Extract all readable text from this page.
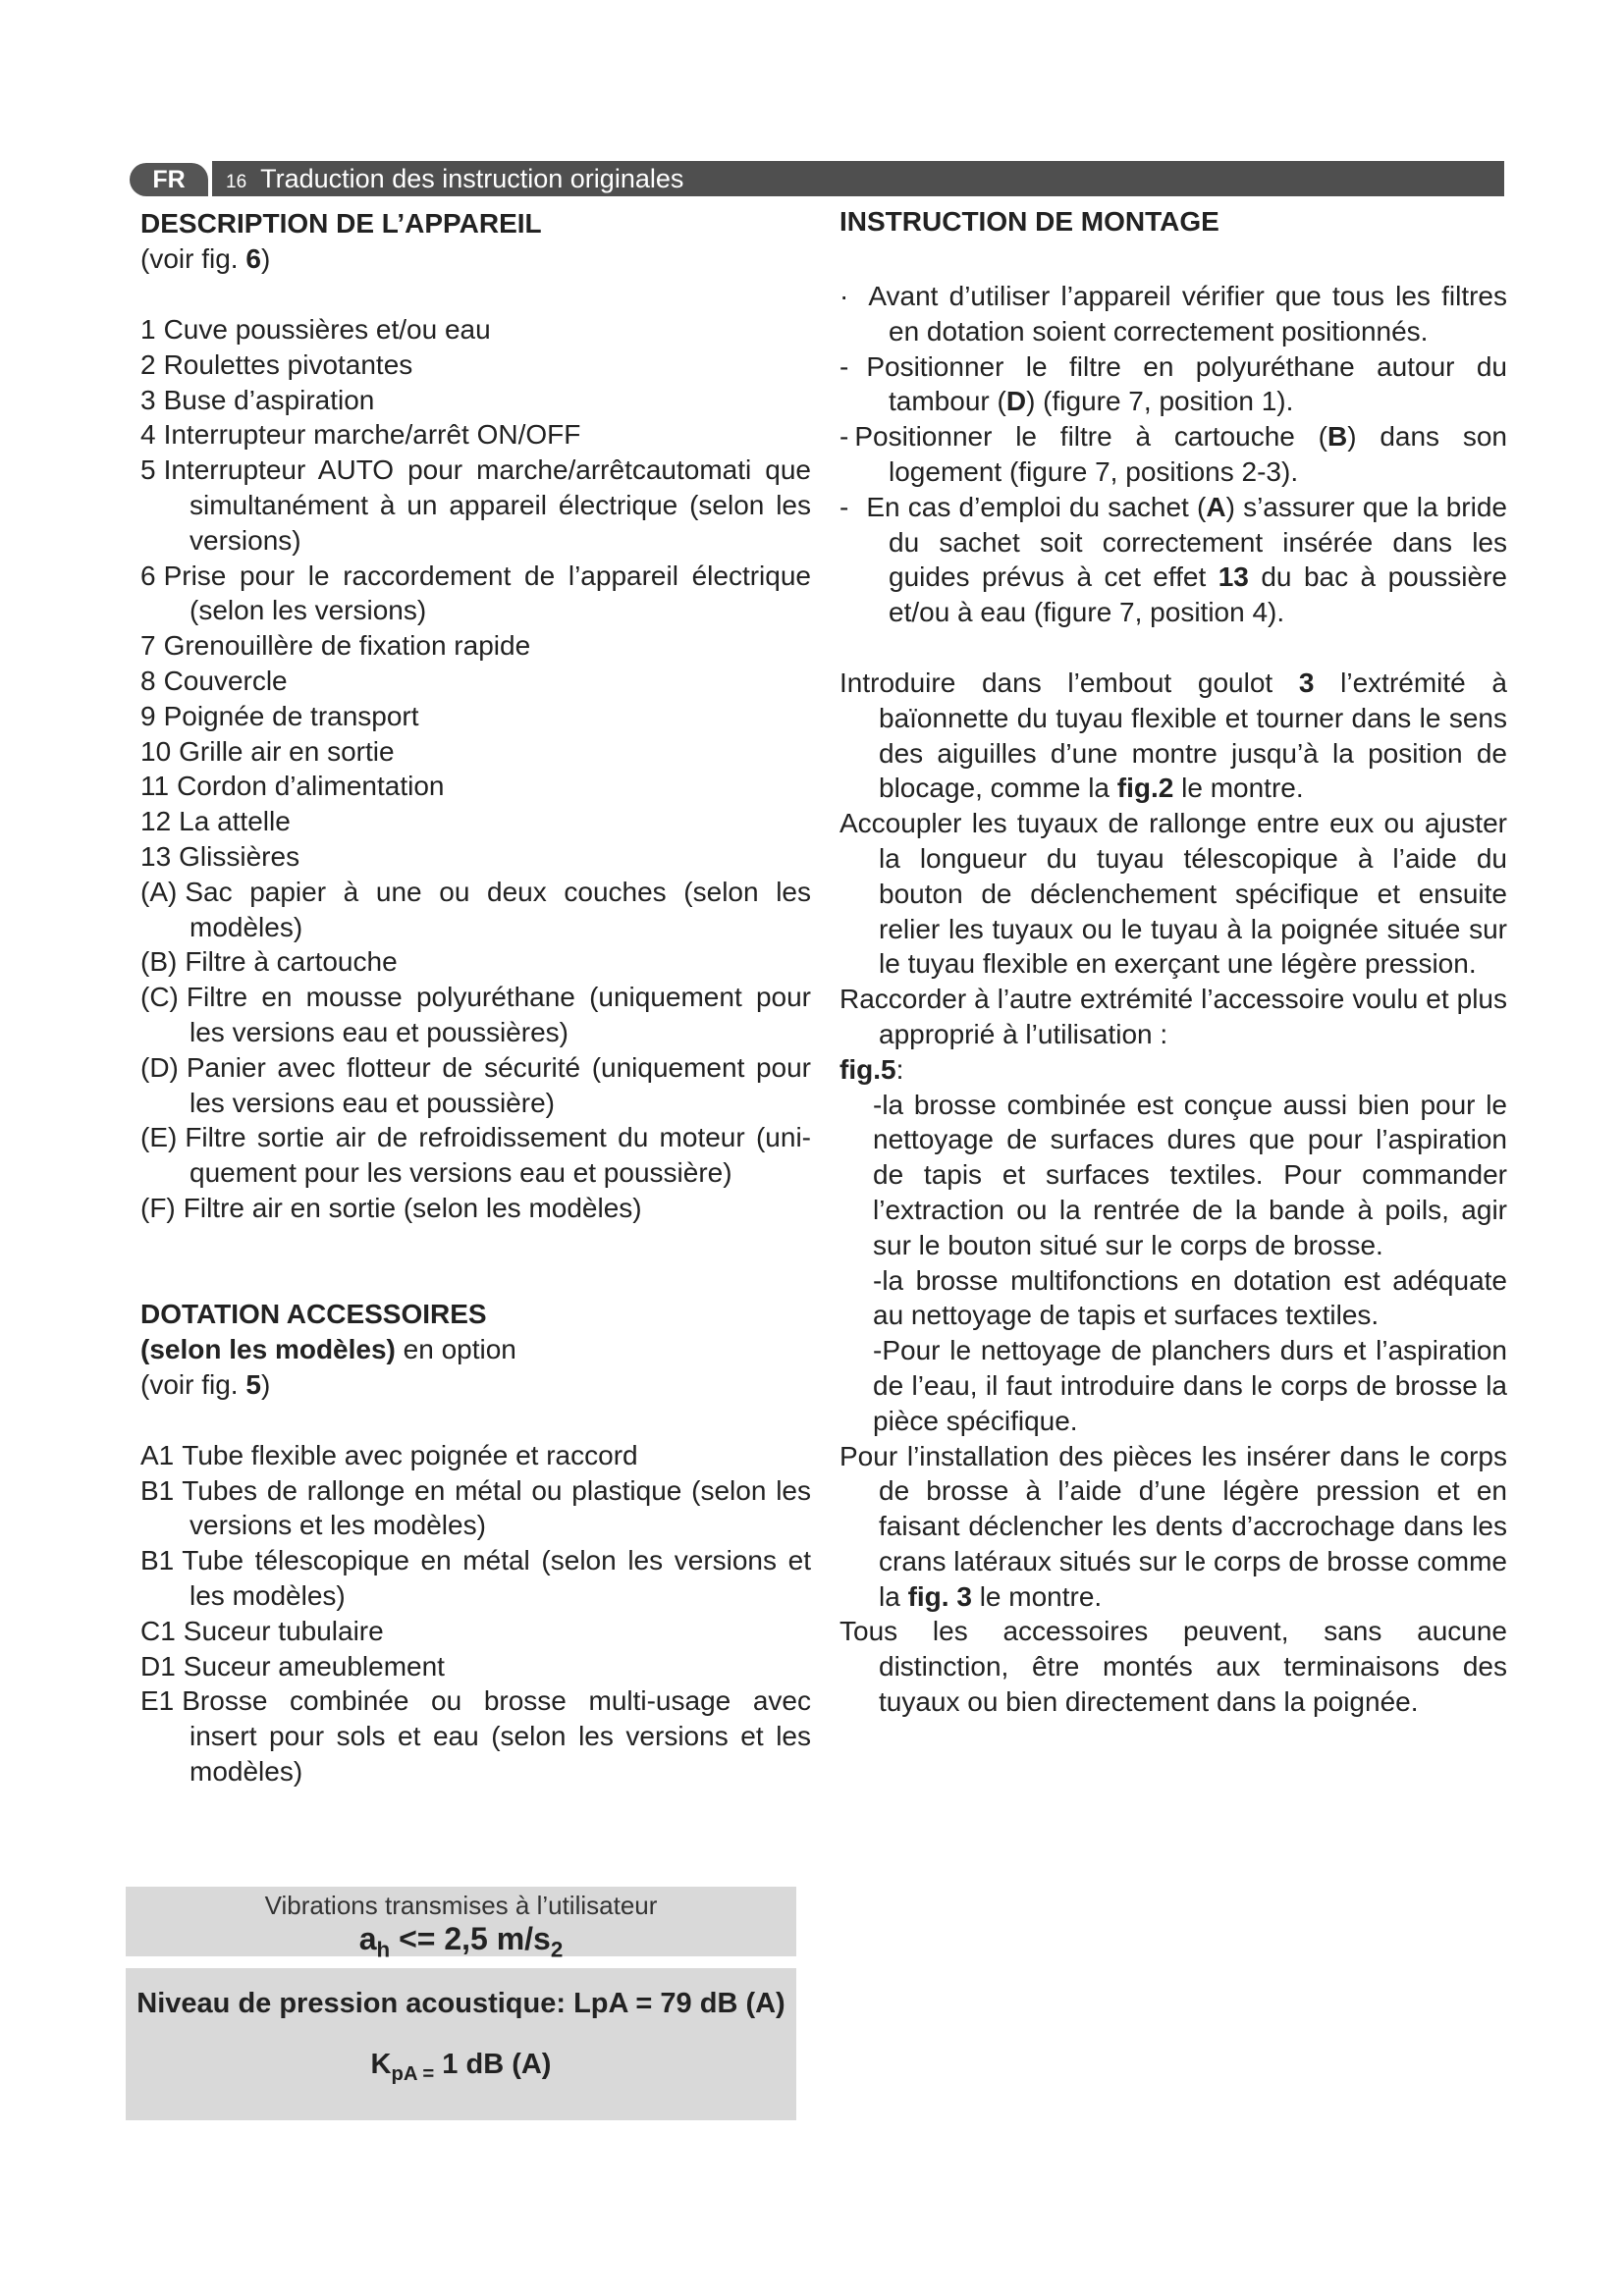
FR	16 Traduction des instruction originales
DESCRIPTION DE L’APPAREIL
(voir fig. 6)
1 Cuve poussières et/ou eau
2 Roulettes pivotantes
3 Buse d’aspiration
4 Interrupteur marche/arrêt ON/OFF
5 Interrupteur AUTO pour marche/arrêtcautomati que simultanément à un appareil électrique (selon les versions)
6 Prise pour le raccordement de l’appareil électrique (selon les versions)
7 Grenouillère de fixation rapide
8 Couvercle
9 Poignée de transport
10 Grille air en sortie
11 Cordon d’alimentation
12 La attelle
13 Glissières
(A) Sac papier à une ou deux couches (selon les modèles)
(B) Filtre à cartouche
(C) Filtre en mousse polyuréthane (uniquement pour les versions eau et poussières)
(D) Panier avec flotteur de sécurité (uniquement pour les versions eau et poussière)
(E) Filtre sortie air de refroidissement du moteur (uni-quement pour les versions eau et poussière)
(F) Filtre air en sortie (selon les modèles)
DOTATION ACCESSOIRES
(selon les modèles) en option
(voir fig. 5)
A1 Tube flexible avec poignée et raccord
B1 Tubes de rallonge en métal ou plastique (selon les versions et les modèles)
B1 Tube télescopique en métal (selon les versions et les modèles)
C1 Suceur tubulaire
D1 Suceur ameublement
E1 Brosse combinée ou brosse multi-usage avec insert pour sols et eau (selon les versions et les modèles)
Vibrations transmises à l’utilisateur
$a_h <= 2,5$ $m/s_2$
Niveau de pression acoustique: LpA = 79 dB (A)
$K_{pA =}$ 1 dB (A)
INSTRUCTION DE MONTAGE
· Avant d’utiliser l’appareil vérifier que tous les filtres en dotation soient correctement positionnés.
- Positionner le filtre en polyuréthane autour du tambour (D) (figure 7, position 1).
- Positionner le filtre à cartouche (B) dans son logement (figure 7, positions 2-3).
- En cas d’emploi du sachet (A) s’assurer que la bride du sachet soit correctement insérée dans les guides prévus à cet effet 13 du bac à poussière et/ou à eau (figure 7, position 4).

Introduire dans l’embout goulot 3 l’extrémité à baïonnette du tuyau flexible et tourner dans le sens des aiguilles d’une montre jusqu’à la position de blocage, comme la fig.2 le montre.

Accoupler les tuyaux de rallonge entre eux ou ajuster la longueur du tuyau télescopique à l’aide du bouton de déclenchement spécifique et ensuite relier les tuyaux ou le tuyau à la poignée située sur le tuyau flexible en exerçant une légère pression.

Raccorder à l’autre extrémité l’accessoire voulu et plus approprié à l’utilisation :

fig.5:

-la brosse combinée est conçue aussi bien pour le nettoyage de surfaces dures que pour l’aspiration de tapis et surfaces textiles. Pour commander l’extraction ou la rentrée de la bande à poils, agir sur le bouton situé sur le corps de brosse.

-la brosse multifonctions en dotation est adéquate au nettoyage de tapis et surfaces textiles.

-Pour le nettoyage de planchers durs et l’aspiration de l’eau, il faut introduire dans le corps de brosse la pièce spécifique.

Pour l’installation des pièces les insérer dans le corps de brosse à l’aide d’une légère pression et en faisant déclencher les dents d’accrochage dans les crans latéraux situés sur le corps de brosse comme la fig. 3 le montre.

Tous les accessoires peuvent, sans aucune distinction, être montés aux terminaisons des tuyaux ou bien directement dans la poignée.
